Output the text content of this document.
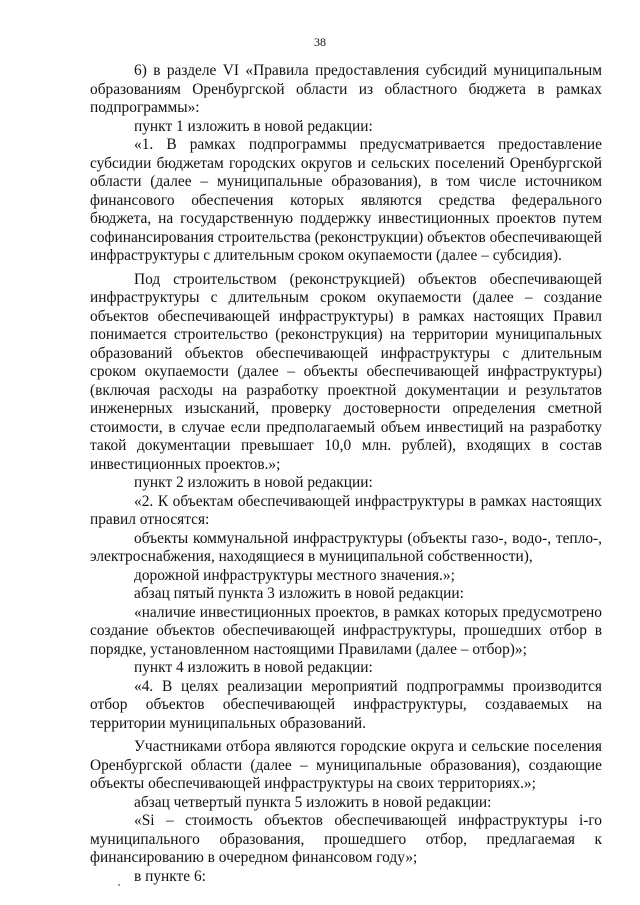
38

6) в разделе VI «Правила предоставления субсидий муниципальным образованиям Оренбургской области из областного бюджета в рамках подпрограммы»:

пункт 1 изложить в новой редакции:

«1. В рамках подпрограммы предусматривается предоставление субсидии бюджетам городских округов и сельских поселений Оренбургской области (далее – муниципальные образования), в том числе источником финансового обеспечения которых являются средства федерального бюджета, на государственную поддержку инвестиционных проектов путем софинансирования строительства (реконструкции) объектов обеспечивающей инфраструктуры с длительным сроком окупаемости (далее – субсидия).

Под строительством (реконструкцией) объектов обеспечивающей инфраструктуры с длительным сроком окупаемости (далее – создание объектов обеспечивающей инфраструктуры) в рамках настоящих Правил понимается строительство (реконструкция) на территории муниципальных образований объектов обеспечивающей инфраструктуры с длительным сроком окупаемости (далее – объекты обеспечивающей инфраструктуры) (включая расходы на разработку проектной документации и результатов инженерных изысканий, проверку достоверности определения сметной стоимости, в случае если предполагаемый объем инвестиций на разработку такой документации превышает 10,0 млн. рублей), входящих в состав инвестиционных проектов.»;

пункт 2 изложить в новой редакции:

«2. К объектам обеспечивающей инфраструктуры в рамках настоящих правил относятся:

объекты коммунальной инфраструктуры (объекты газо-, водо-, тепло-, электроснабжения, находящиеся в муниципальной собственности),

дорожной инфраструктуры местного значения.»;

абзац пятый пункта 3 изложить в новой редакции:

«наличие инвестиционных проектов, в рамках которых предусмотрено создание объектов обеспечивающей инфраструктуры, прошедших отбор в порядке, установленном настоящими Правилами (далее – отбор)»;

пункт 4 изложить в новой редакции:

«4. В целях реализации мероприятий подпрограммы производится отбор объектов обеспечивающей инфраструктуры, создаваемых на территории муниципальных образований.

Участниками отбора являются городские округа и сельские поселения Оренбургской области (далее – муниципальные образования), создающие объекты обеспечивающей инфраструктуры на своих территориях.»;

абзац четвертый пункта 5 изложить в новой редакции:

«Si – стоимость объектов обеспечивающей инфраструктуры i-го муниципального образования, прошедшего отбор, предлагаемая к финансированию в очередном финансовом году»;

в пункте 6:
